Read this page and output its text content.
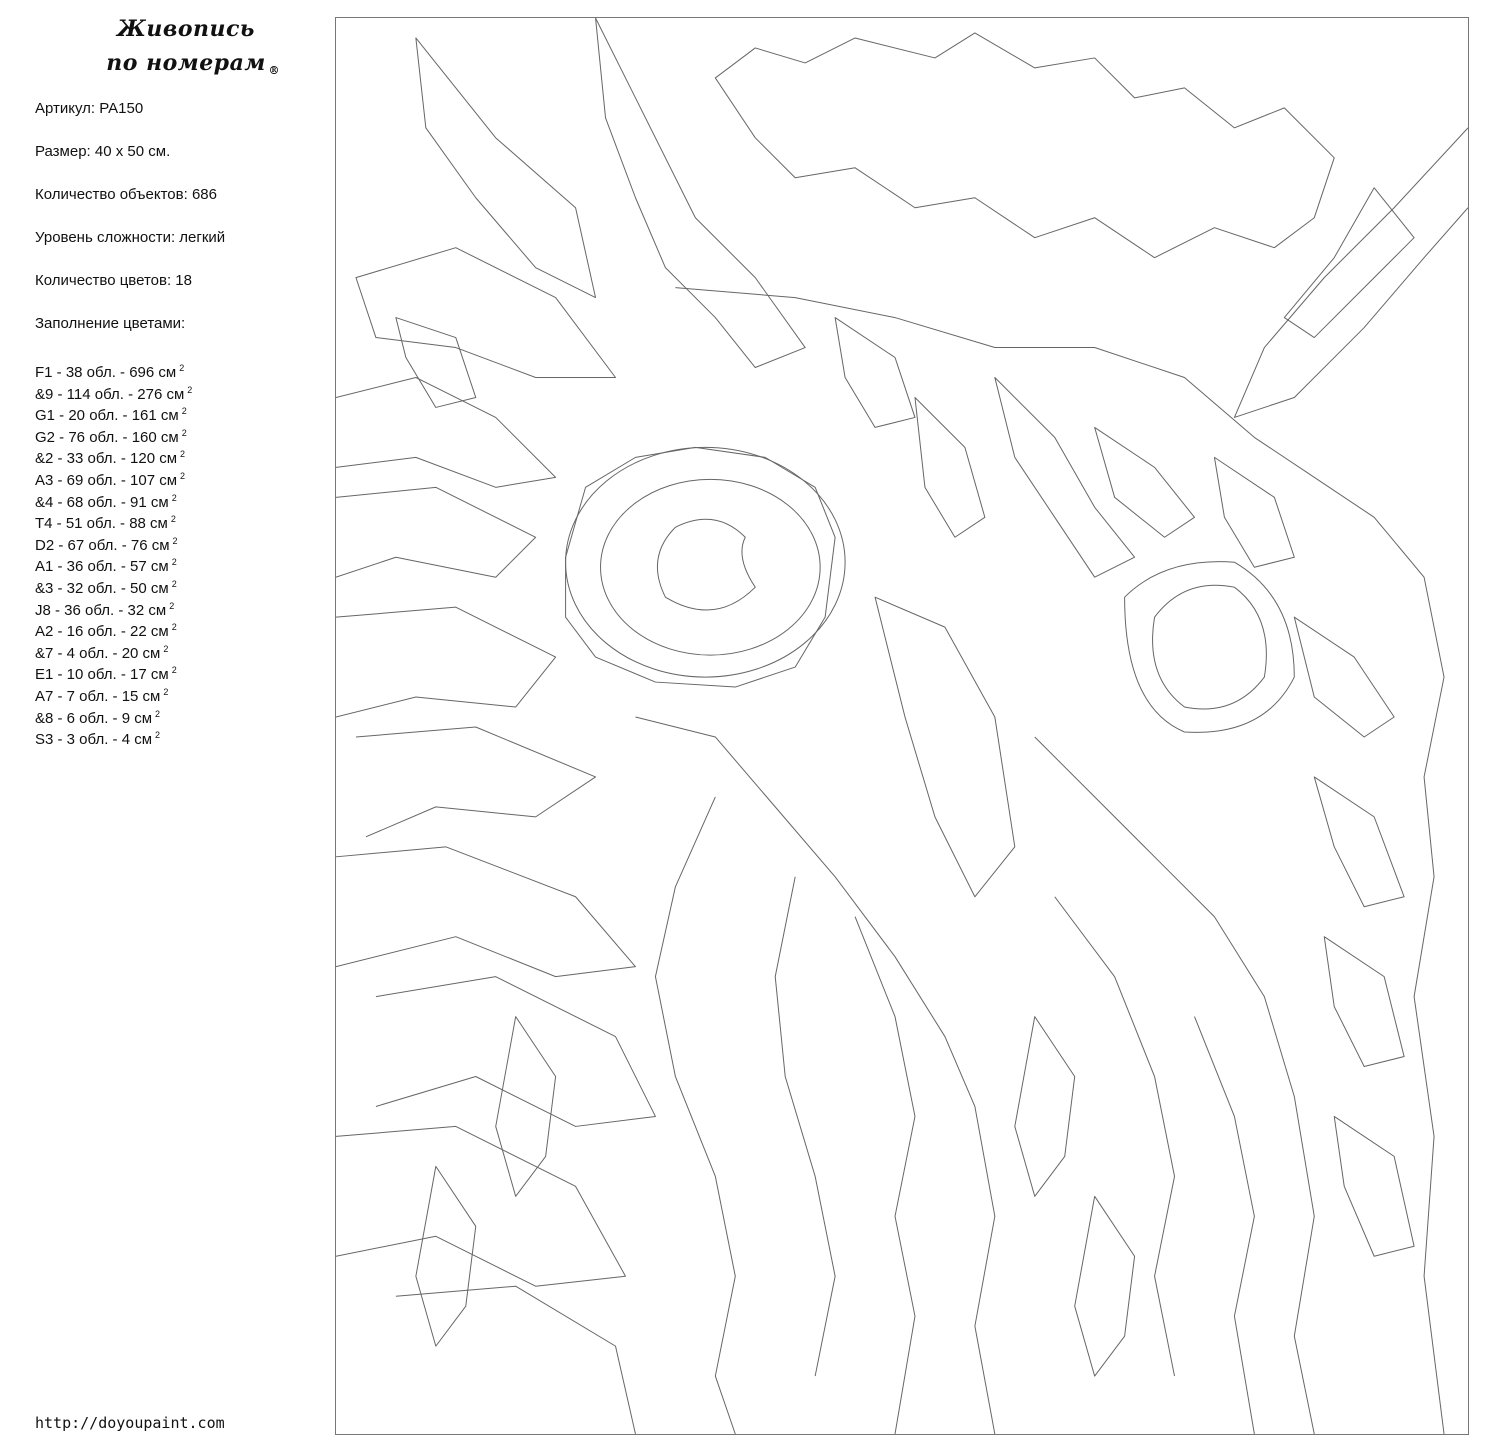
Живопись
по номерам ®
Артикул: PA150
Размер: 40 х 50 см.
Количество объектов: 686
Уровень сложности: легкий
Количество цветов: 18
Заполнение цветами:
F1 - 38 обл. - 696 см $^2$
&9 - 114 обл. - 276 см $^2$
G1 - 20 обл. - 161 см $^2$
G2 - 76 обл. - 160 см $^2$
&2 - 33 обл. - 120 см $^2$
A3 - 69 обл. - 107 см $^2$
&4 - 68 обл. - 91 см $^2$
T4 - 51 обл. - 88 см $^2$
D2 - 67 обл. - 76 см $^2$
A1 - 36 обл. - 57 см $^2$
&3 - 32 обл. - 50 см $^2$
J8 - 36 обл. - 32 см $^2$
A2 - 16 обл. - 22 см $^2$
&7 - 4 обл. - 20 см $^2$
E1 - 10 обл. - 17 см $^2$
A7 - 7 обл. - 15 см $^2$
&8 - 6 обл. - 9 см $^2$
S3 - 3 обл. - 4 см $^2$
http://doyoupaint.com
